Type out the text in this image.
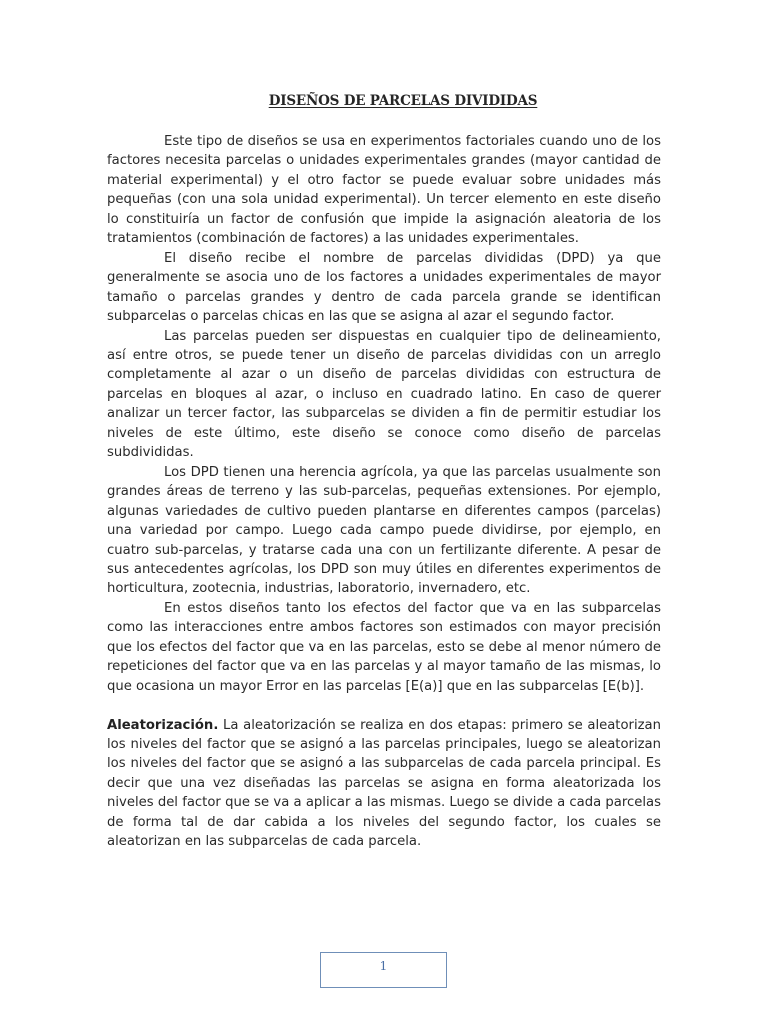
DISEÑOS DE PARCELAS DIVIDIDAS

Este tipo de diseños se usa en experimentos factoriales cuando uno de los factores necesita parcelas o unidades experimentales grandes (mayor cantidad de material experimental) y el otro factor se puede evaluar sobre unidades más pequeñas (con una sola unidad experimental). Un tercer elemento en este diseño lo constituiría un factor de confusión que impide la asignación aleatoria de los tratamientos (combinación de factores) a las unidades experimentales.

El diseño recibe el nombre de parcelas divididas (DPD) ya que generalmente se asocia uno de los factores a unidades experimentales de mayor tamaño o parcelas grandes y dentro de cada parcela grande se identifican subparcelas o parcelas chicas en las que se asigna al azar el segundo factor.

Las parcelas pueden ser dispuestas en cualquier tipo de delineamiento, así entre otros, se puede tener un diseño de parcelas divididas con un arreglo completamente al azar o un diseño de parcelas divididas con estructura de parcelas en bloques al azar, o incluso en cuadrado latino. En caso de querer analizar un tercer factor, las subparcelas se dividen a fin de permitir estudiar los niveles de este último, este diseño se conoce como diseño de parcelas subdivididas.

Los DPD tienen una herencia agrícola, ya que las parcelas usualmente son grandes áreas de terreno y las sub-parcelas, pequeñas extensiones. Por ejemplo, algunas variedades de cultivo pueden plantarse en diferentes campos (parcelas) una variedad por campo. Luego cada campo puede dividirse, por ejemplo, en cuatro sub-parcelas, y tratarse cada una con un fertilizante diferente. A pesar de sus antecedentes agrícolas, los DPD son muy útiles en diferentes experimentos de horticultura, zootecnia, industrias, laboratorio, invernadero, etc.

En estos diseños tanto los efectos del factor que va en las subparcelas como las interacciones entre ambos factores son estimados con mayor precisión que los efectos del factor que va en las parcelas, esto se debe al menor número de repeticiones del factor que va en las parcelas y al mayor tamaño de las mismas, lo que ocasiona un mayor Error en las parcelas [E(a)] que en las subparcelas [E(b)].

Aleatorización. La aleatorización se realiza en dos etapas: primero se aleatorizan los niveles del factor que se asignó a las parcelas principales, luego se aleatorizan los niveles del factor que se asignó a las subparcelas de cada parcela principal. Es decir que una vez diseñadas las parcelas se asigna en forma aleatorizada los niveles del factor que se va a aplicar a las mismas. Luego se divide a cada parcelas de forma tal de dar cabida a los niveles del segundo factor, los cuales se aleatorizan en las subparcelas de cada parcela.

1
